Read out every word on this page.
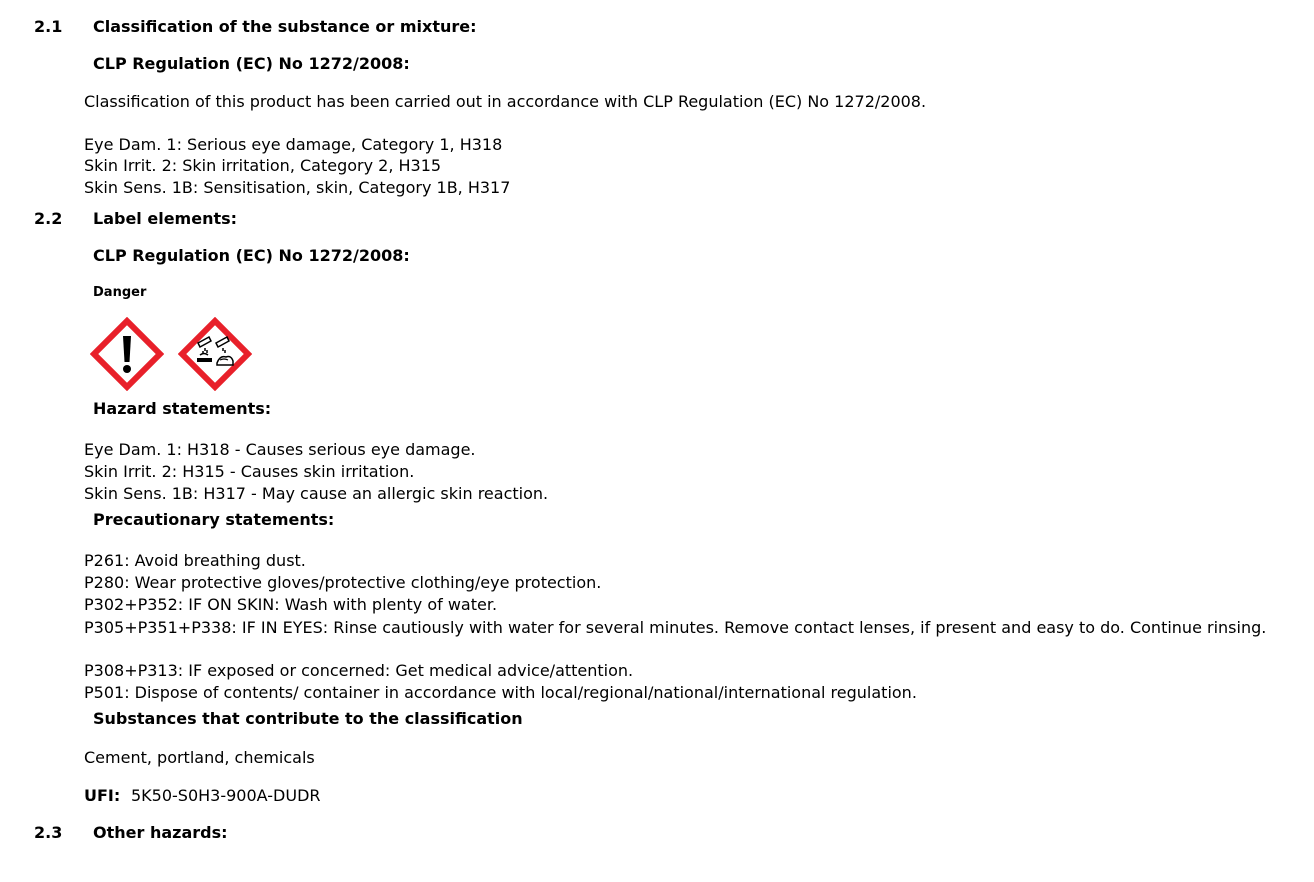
2.1 Classification of the substance or mixture:
CLP Regulation (EC) No 1272/2008:
Classification of this product has been carried out in accordance with CLP Regulation (EC) No 1272/2008.
Eye Dam. 1: Serious eye damage, Category 1, H318
Skin Irrit. 2: Skin irritation, Category 2, H315
Skin Sens. 1B: Sensitisation, skin, Category 1B, H317
2.2 Label elements:
CLP Regulation (EC) No 1272/2008:
Danger
Hazard statements:
Eye Dam. 1: H318 - Causes serious eye damage.
Skin Irrit. 2: H315 - Causes skin irritation.
Skin Sens. 1B: H317 - May cause an allergic skin reaction.
Precautionary statements:
P261: Avoid breathing dust.
P280: Wear protective gloves/protective clothing/eye protection.
P302+P352: IF ON SKIN: Wash with plenty of water.
P305+P351+P338: IF IN EYES: Rinse cautiously with water for several minutes. Remove contact lenses, if present and easy to do. Continue rinsing.
P308+P313: IF exposed or concerned: Get medical advice/attention.
P501: Dispose of contents/ container in accordance with local/regional/national/international regulation.
Substances that contribute to the classification
Cement, portland, chemicals
UFI: 5K50-S0H3-900A-DUDR
2.3 Other hazards:
